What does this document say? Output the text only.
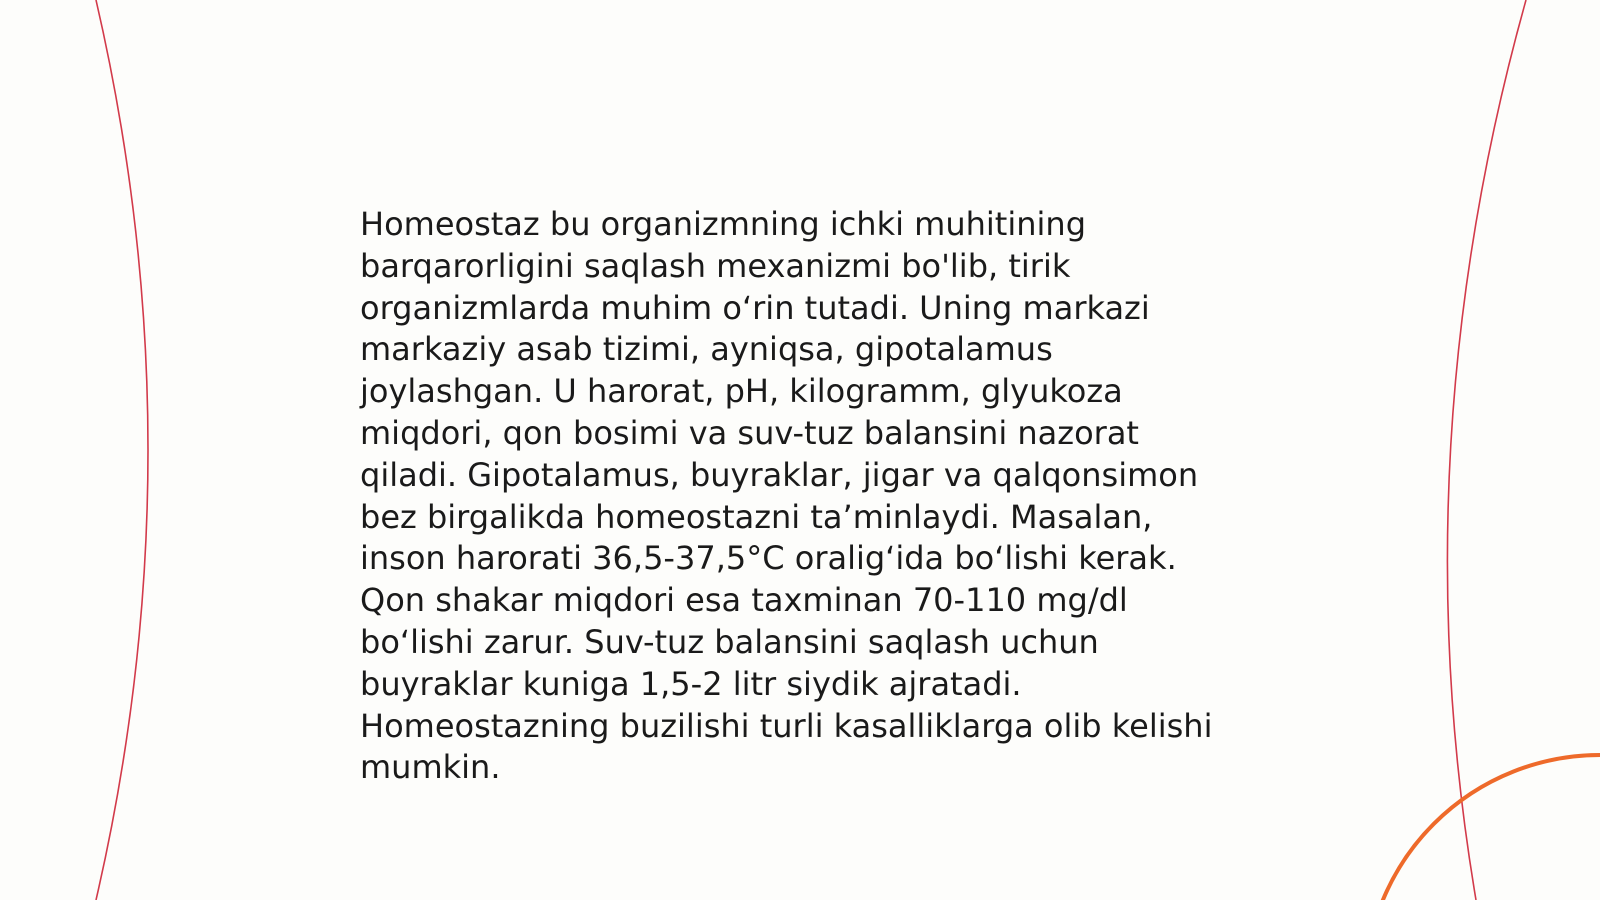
Homeostaz bu organizmning ichki muhitining
barqarorligini saqlash mexanizmi bo'lib, tirik
organizmlarda muhim o‘rin tutadi. Uning markazi
markaziy asab tizimi, ayniqsa, gipotalamus
joylashgan. U harorat, pH, kilogramm, glyukoza
miqdori, qon bosimi va suv-tuz balansini nazorat
qiladi. Gipotalamus, buyraklar, jigar va qalqonsimon
bez birgalikda homeostazni ta’minlaydi. Masalan,
inson harorati 36,5-37,5°C oralig‘ida bo‘lishi kerak.
Qon shakar miqdori esa taxminan 70-110 mg/dl
bo‘lishi zarur. Suv-tuz balansini saqlash uchun
buyraklar kuniga 1,5-2 litr siydik ajratadi.
Homeostazning buzilishi turli kasalliklarga olib kelishi
mumkin.
